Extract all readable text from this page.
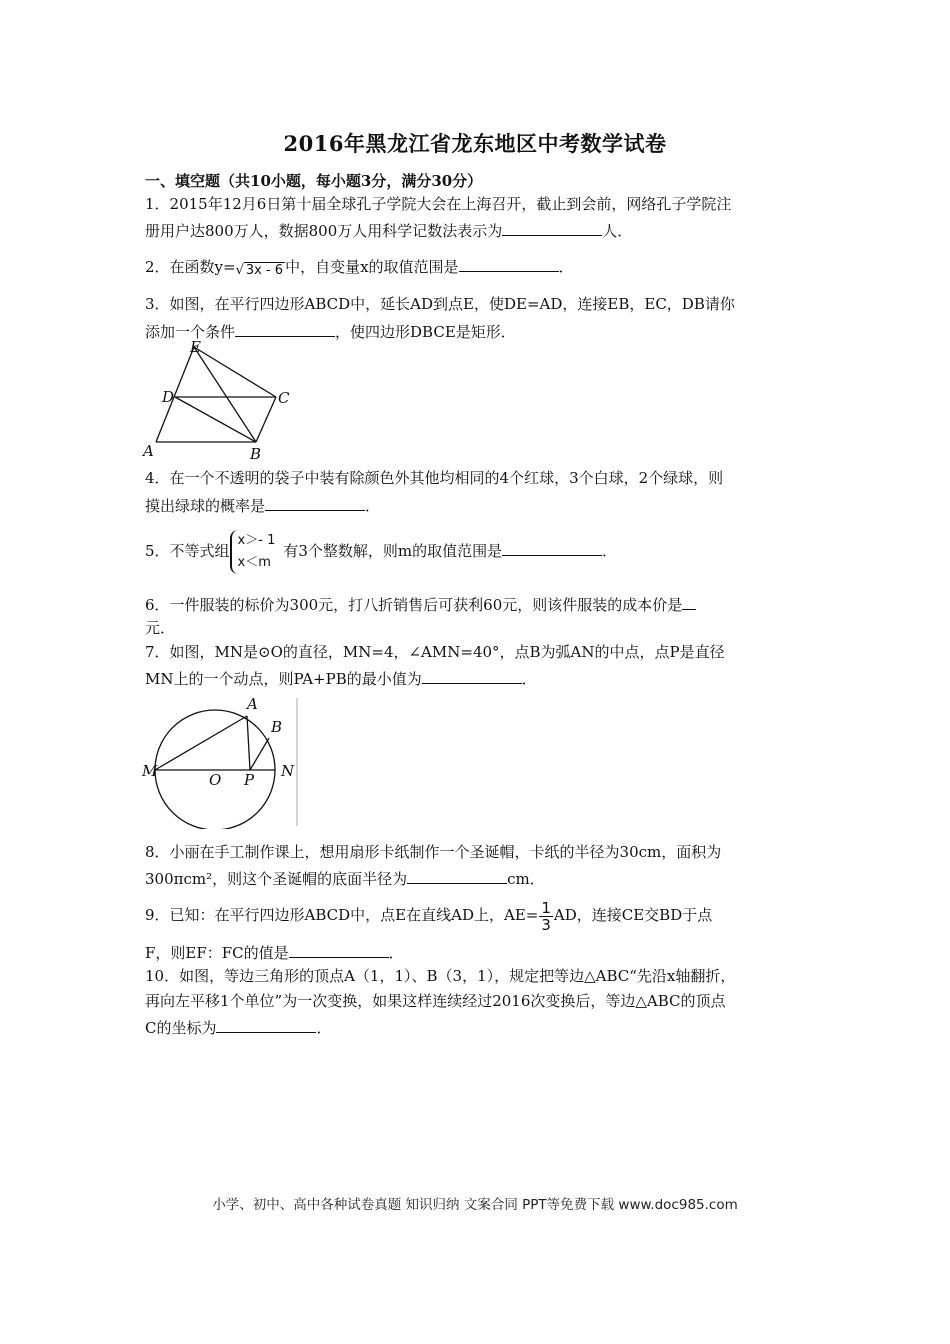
2016年黑龙江省龙东地区中考数学试卷
一、填空题（共10小题，每小题3分，满分30分）
1．2015年12月6日第十届全球孔子学院大会在上海召开，截止到会前，网络孔子学院注
册用户达800万人，数据800万人用科学记数法表示为	人．
2．在函数y=√ 3x - 6 中，自变量x的取值范围是	．
3．如图，在平行四边形ABCD中，延长AD到点E，使DE=AD，连接EB，EC，DB请你
添加一个条件	，使四边形DBCE是矩形．
E
D	C
A	B
4．在一个不透明的袋子中装有除颜色外其他均相同的4个红球，3个白球，2个绿球，则
摸出绿球的概率是	．
5．不等式组
x＞- 1
x＜m
有3个整数解，则m的取值范围是	．
6．一件服装的标价为300元，打八折销售后可获利60元，则该件服装的成本价是
元．
7．如图，MN是⊙O的直径，MN=4，∠AMN=40°，点B为弧AN的中点，点P是直径
MN上的一个动点，则PA+PB的最小值为	．
A
B
M	O P N
8．小丽在手工制作课上，想用扇形卡纸制作一个圣诞帽，卡纸的半径为30cm，面积为
300πcm²，则这个圣诞帽的底面半径为	cm．
9．已知：在平行四边形ABCD中，点E在直线AD上，$AE= \frac{1}{3}$ AD，连接CE交BD于点
F，则EF：FC的值是	．
10．如图，等边三角形的顶点A（1，1）、B（3，1），规定把等边△ABC“先沿x轴翻折，
再向左平移1个单位”为一次变换，如果这样连续经过2016次变换后，等边△ABC的顶点
C的坐标为	．
小学、初中、高中各种试卷真题 知识归纳 文案合同 PPT等免费下载 www.doc985.com
